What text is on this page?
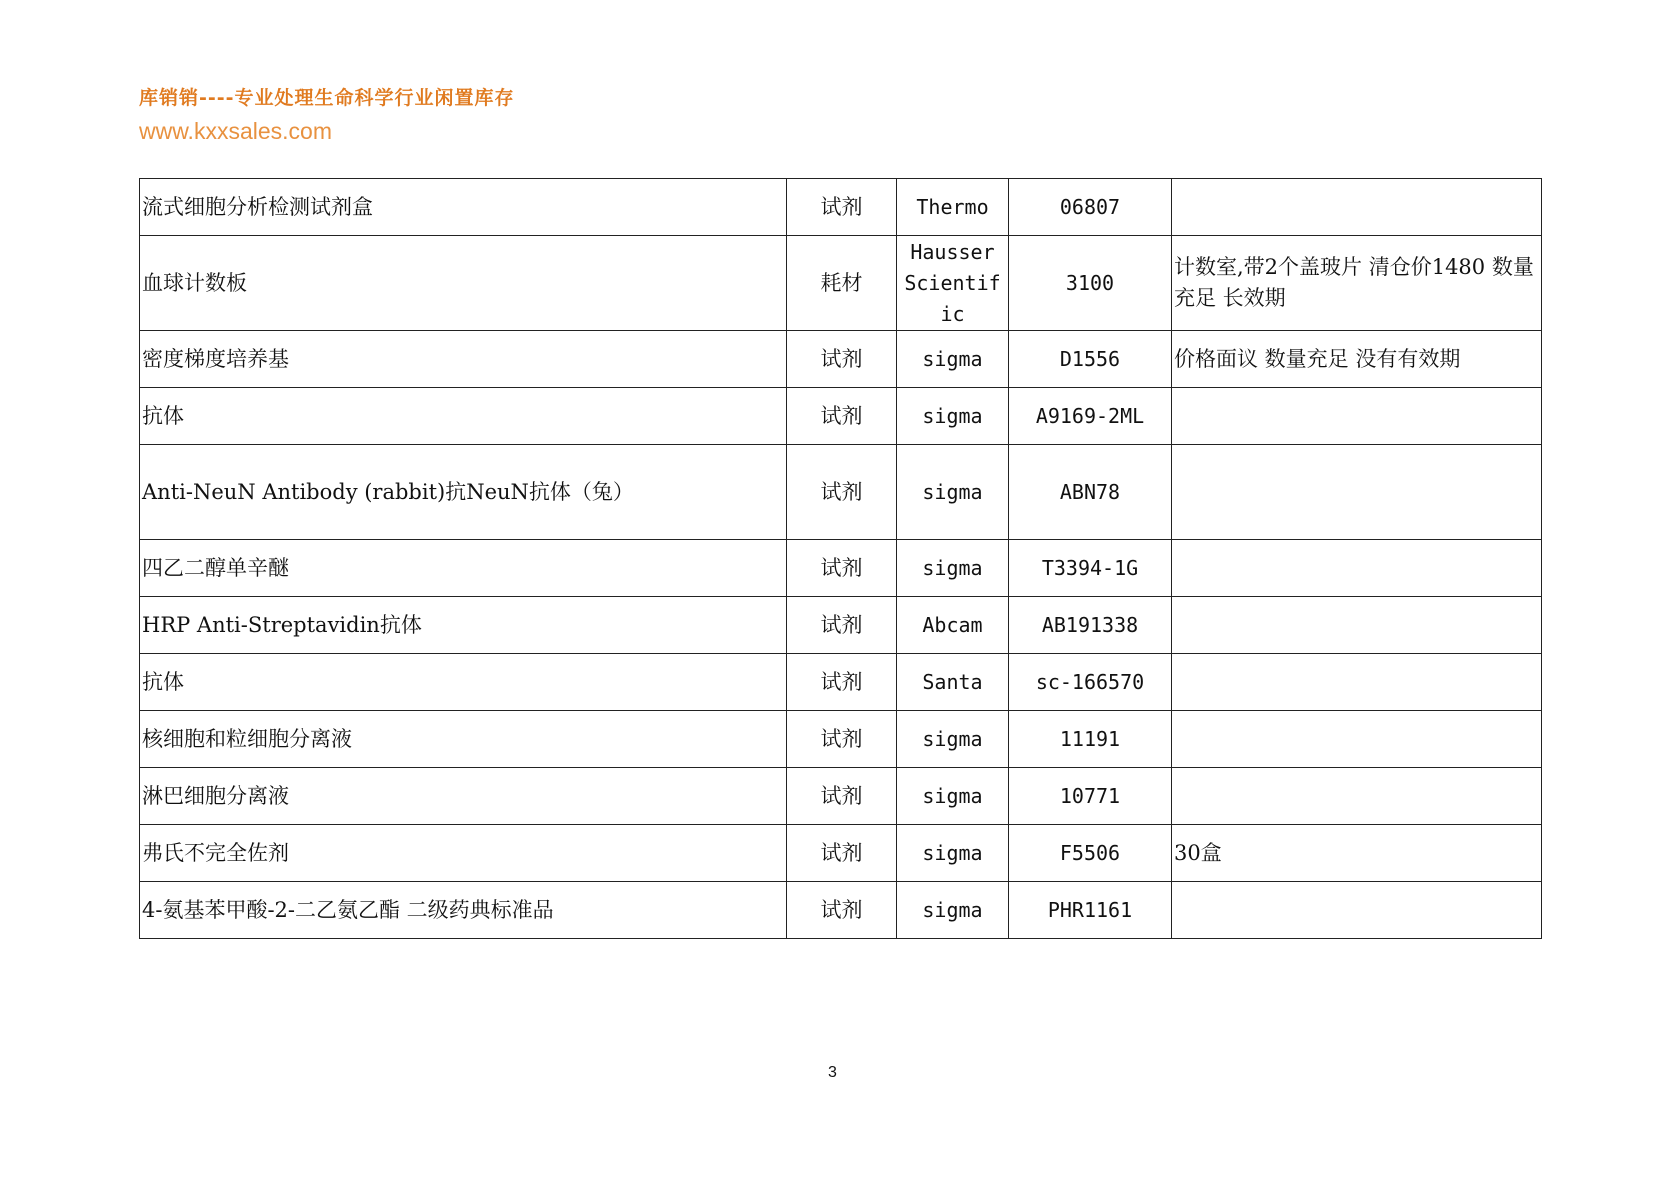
库销销----专业处理生命科学行业闲置库存
www.kxxsales.com
流式细胞分析检测试剂盒	试剂	Thermo	06807	
血球计数板	耗材	Hausser Scientific	3100	计数室,带2个盖玻片 清仓价1480 数量充足 长效期
密度梯度培养基	试剂	sigma	D1556	价格面议 数量充足 没有有效期
抗体	试剂	sigma	A9169-2ML	
Anti-NeuN Antibody (rabbit)抗NeuN抗体（兔）	试剂	sigma	ABN78	
四乙二醇单辛醚	试剂	sigma	T3394-1G	
HRP Anti-Streptavidin抗体	试剂	Abcam	AB191338	
抗体	试剂	Santa	sc-166570	
核细胞和粒细胞分离液	试剂	sigma	11191	
淋巴细胞分离液	试剂	sigma	10771	
弗氏不完全佐剂	试剂	sigma	F5506	30盒
4-氨基苯甲酸-2-二乙氨乙酯 二级药典标准品	试剂	sigma	PHR1161	
3
